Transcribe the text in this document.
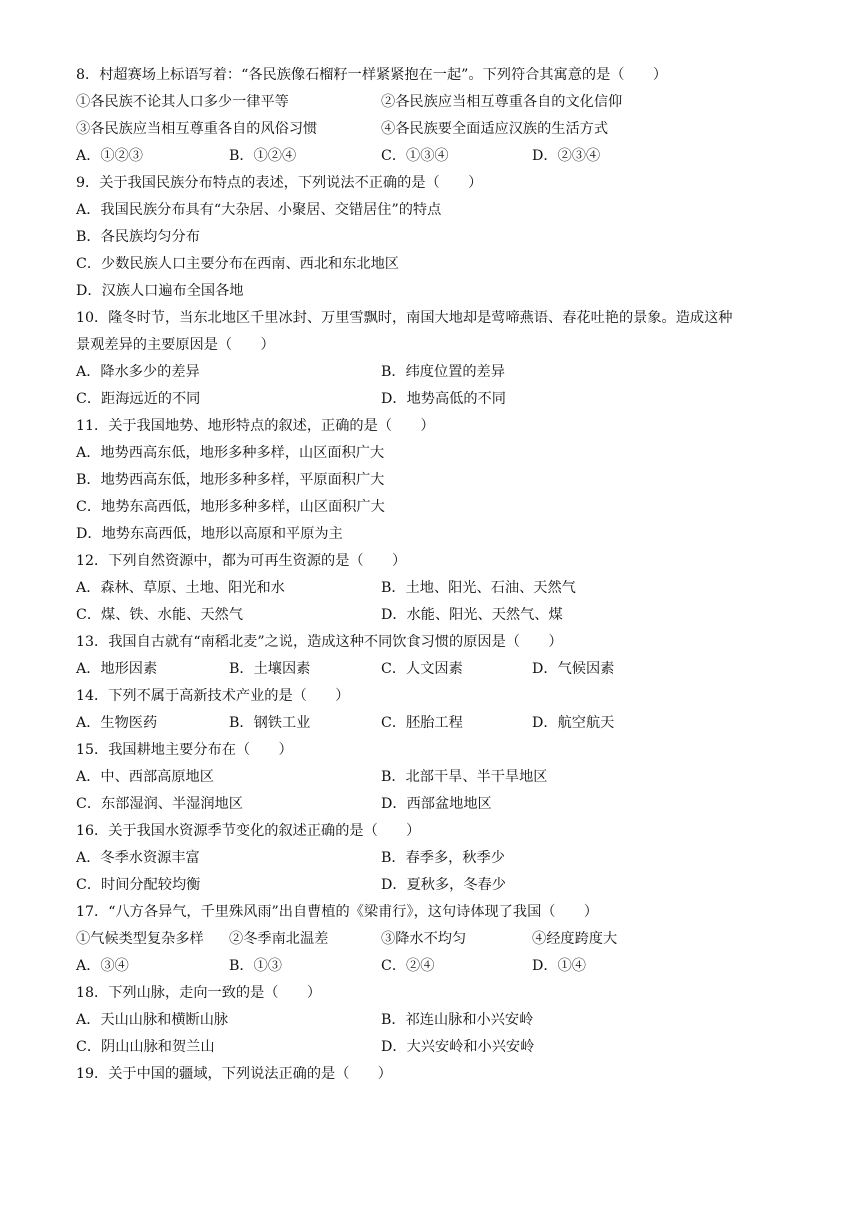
8．村超赛场上标语写着：“各民族像石榴籽一样紧紧抱在一起”。下列符合其寓意的是（　　）
①各民族不论其人口多少一律平等	②各民族应当相互尊重各自的文化信仰
③各民族应当相互尊重各自的风俗习惯	④各民族要全面适应汉族的生活方式
A．①②③	B．①②④	C．①③④	D．②③④
9．关于我国民族分布特点的表述，下列说法不正确的是（　　）
A．我国民族分布具有“大杂居、小聚居、交错居住”的特点
B．各民族均匀分布
C．少数民族人口主要分布在西南、西北和东北地区
D．汉族人口遍布全国各地
10．隆冬时节，当东北地区千里冰封、万里雪飘时，南国大地却是莺啼燕语、春花吐艳的景象。造成这种
景观差异的主要原因是（　　）
A．降水多少的差异	B．纬度位置的差异
C．距海远近的不同	D．地势高低的不同
11．关于我国地势、地形特点的叙述，正确的是（　　）
A．地势西高东低，地形多种多样，山区面积广大
B．地势西高东低，地形多种多样，平原面积广大
C．地势东高西低，地形多种多样，山区面积广大
D．地势东高西低，地形以高原和平原为主
12．下列自然资源中，都为可再生资源的是（　　）
A．森林、草原、土地、阳光和水	B．土地、阳光、石油、天然气
C．煤、铁、水能、天然气	D．水能、阳光、天然气、煤
13．我国自古就有“南稻北麦”之说，造成这种不同饮食习惯的原因是（　　）
A．地形因素	B．土壤因素	C．人文因素	D．气候因素
14．下列不属于高新技术产业的是（　　）
A．生物医药	B．钢铁工业	C．胚胎工程	D．航空航天
15．我国耕地主要分布在（　　）
A．中、西部高原地区	B．北部干旱、半干旱地区
C．东部湿润、半湿润地区	D．西部盆地地区
16．关于我国水资源季节变化的叙述正确的是（　　）
A．冬季水资源丰富	B．春季多，秋季少
C．时间分配较均衡	D．夏秋多，冬春少
17．“八方各异气，千里殊风雨”出自曹植的《梁甫行》，这句诗体现了我国（　　）
①气候类型复杂多样 ②冬季南北温差	③降水不均匀	④经度跨度大
A．③④	B．①③	C．②④	D．①④
18．下列山脉，走向一致的是（　　）
A．天山山脉和横断山脉	B．祁连山脉和小兴安岭
C．阴山山脉和贺兰山	D．大兴安岭和小兴安岭
19．关于中国的疆域，下列说法正确的是（　　）
